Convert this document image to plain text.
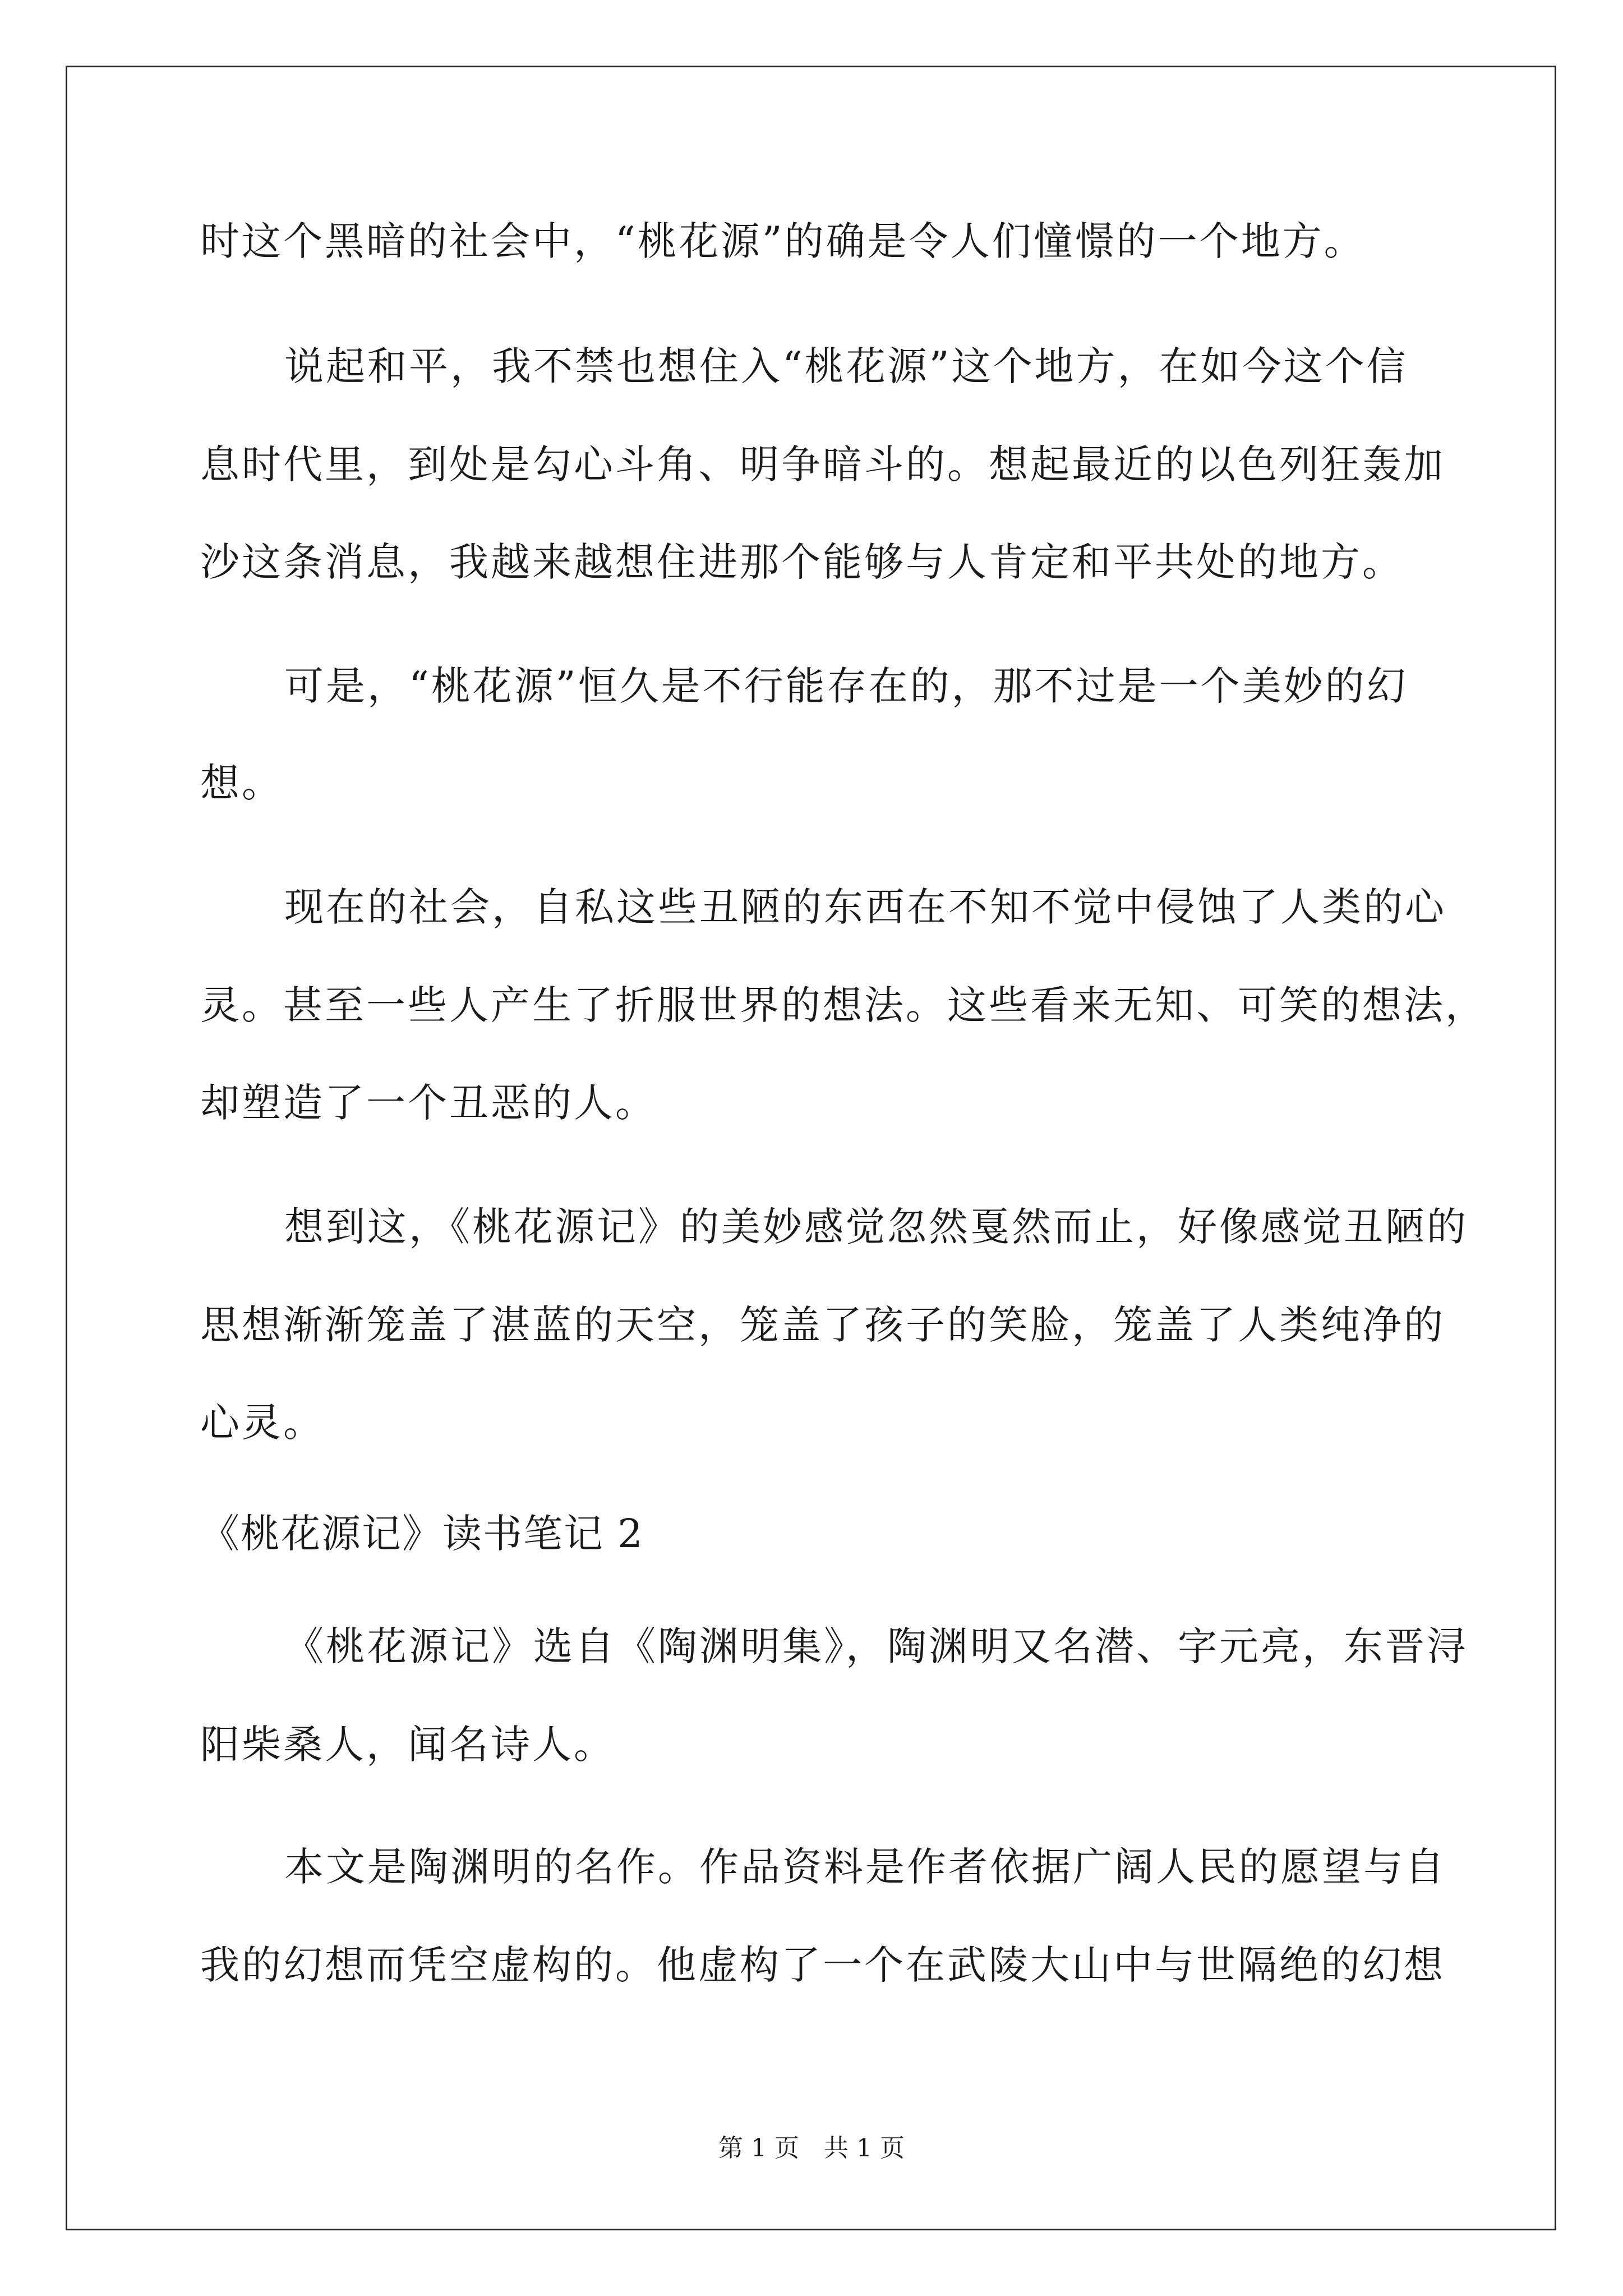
时这个黑暗的社会中，“桃花源”的确是令人们憧憬的一个地方。
说起和平，我不禁也想住入“桃花源”这个地方，在如今这个信
息时代里，到处是勾心斗角、明争暗斗的。想起最近的以色列狂轰加
沙这条消息，我越来越想住进那个能够与人肯定和平共处的地方。
可是，“桃花源”恒久是不行能存在的，那不过是一个美妙的幻
想。
现在的社会，自私这些丑陋的东西在不知不觉中侵蚀了人类的心
灵。甚至一些人产生了折服世界的想法。这些看来无知、可笑的想法，
却塑造了一个丑恶的人。
想到这，《桃花源记》的美妙感觉忽然戛然而止，好像感觉丑陋的
思想渐渐笼盖了湛蓝的天空，笼盖了孩子的笑脸，笼盖了人类纯净的
心灵。
《桃花源记》读书笔记 2
《桃花源记》选自《陶渊明集》，陶渊明又名潜、字元亮，东晋浔
阳柴桑人，闻名诗人。
本文是陶渊明的名作。作品资料是作者依据广阔人民的愿望与自
我的幻想而凭空虚构的。他虚构了一个在武陵大山中与世隔绝的幻想
第 1 页 共 1 页
